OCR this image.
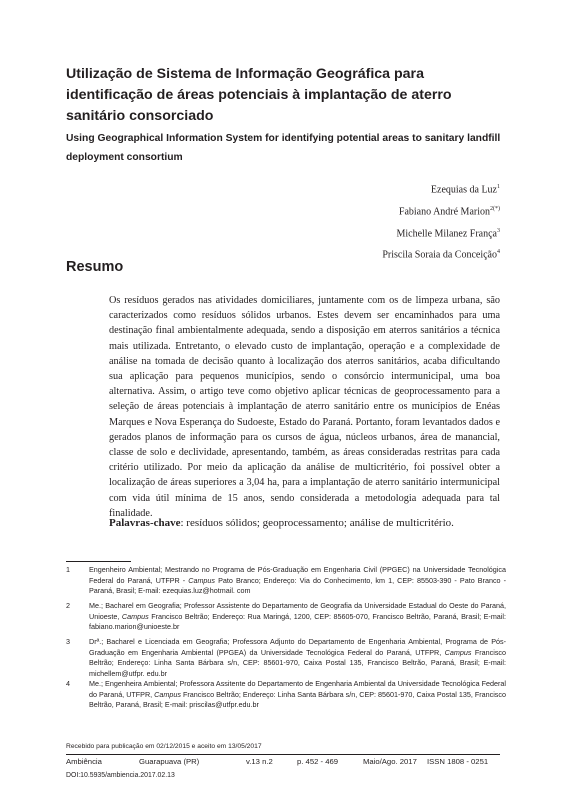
Utilização de Sistema de Informação Geográfica para identificação de áreas potenciais à implantação de aterro sanitário consorciado
Using Geographical Information System for identifying potential areas to sanitary landfill deployment consortium
Ezequias da Luz$^1$
Fabiano André Marion$^{2(*)}$
Michelle Milanez França$^3$
Priscila Soraia da Conceição$^4$
Resumo
Os resíduos gerados nas atividades domiciliares, juntamente com os de limpeza urbana, são caracterizados como resíduos sólidos urbanos. Estes devem ser encaminhados para uma destinação final ambientalmente adequada, sendo a disposição em aterros sanitários a técnica mais utilizada. Entretanto, o elevado custo de implantação, operação e a complexidade de análise na tomada de decisão quanto à localização dos aterros sanitários, acaba dificultando sua aplicação para pequenos municípios, sendo o consórcio intermunicipal, uma boa alternativa. Assim, o artigo teve como objetivo aplicar técnicas de geoprocessamento para a seleção de áreas potenciais à implantação de aterro sanitário entre os municípios de Enéas Marques e Nova Esperança do Sudoeste, Estado do Paraná. Portanto, foram levantados dados e gerados planos de informação para os cursos de água, núcleos urbanos, área de manancial, classe de solo e declividade, apresentando, também, as áreas consideradas restritas para cada critério utilizado. Por meio da aplicação da análise de multicritério, foi possível obter a localização de áreas superiores a 3,04 ha, para a implantação de aterro sanitário intermunicipal com vida útil mínima de 15 anos, sendo considerada a metodologia adequada para tal finalidade.
Palavras-chave: resíduos sólidos; geoprocessamento; análise de multicritério.
1	Engenheiro Ambiental; Mestrando no Programa de Pós-Graduação em Engenharia Civil (PPGEC) na Universidade Tecnológica Federal do Paraná, UTFPR - Campus Pato Branco; Endereço: Via do Conhecimento, km 1, CEP: 85503-390 - Pato Branco - Paraná, Brasil; E-mail: ezequias.luz@hotmail. com
2	Me.; Bacharel em Geografia; Professor Assistente do Departamento de Geografia da Universidade Estadual do Oeste do Paraná, Unioeste, Campus Francisco Beltrão; Endereço: Rua Maringá, 1200, CEP: 85605-070, Francisco Beltrão, Paraná, Brasil; E-mail: fabiano.marion@unioeste.br
3	Drª.; Bacharel e Licenciada em Geografia; Professora Adjunto do Departamento de Engenharia Ambiental, Programa de Pós-Graduação em Engenharia Ambiental (PPGEA) da Universidade Tecnológica Federal do Paraná, UTFPR, Campus Francisco Beltrão; Endereço: Linha Santa Bárbara s/n, CEP: 85601-970, Caixa Postal 135, Francisco Beltrão, Paraná, Brasil; E-mail: michellem@utfpr. edu.br
4	Me.; Engenheira Ambiental; Professora Assitente do Departamento de Engenharia Ambiental da Universidade Tecnológica Federal do Paraná, UTFPR, Campus Francisco Beltrão; Endereço: Linha Santa Bárbara s/n, CEP: 85601-970, Caixa Postal 135, Francisco Beltrão, Paraná, Brasil; E-mail: priscilas@utfpr.edu.br
Recebido para publicação em 02/12/2015 e aceito em 13/05/2017
Ambiência	Guarapuava (PR)	v.13 n.2	p. 452 - 469	Maio/Ago. 2017 ISSN 1808 - 0251
DOI:10.5935/ambiencia.2017.02.13
